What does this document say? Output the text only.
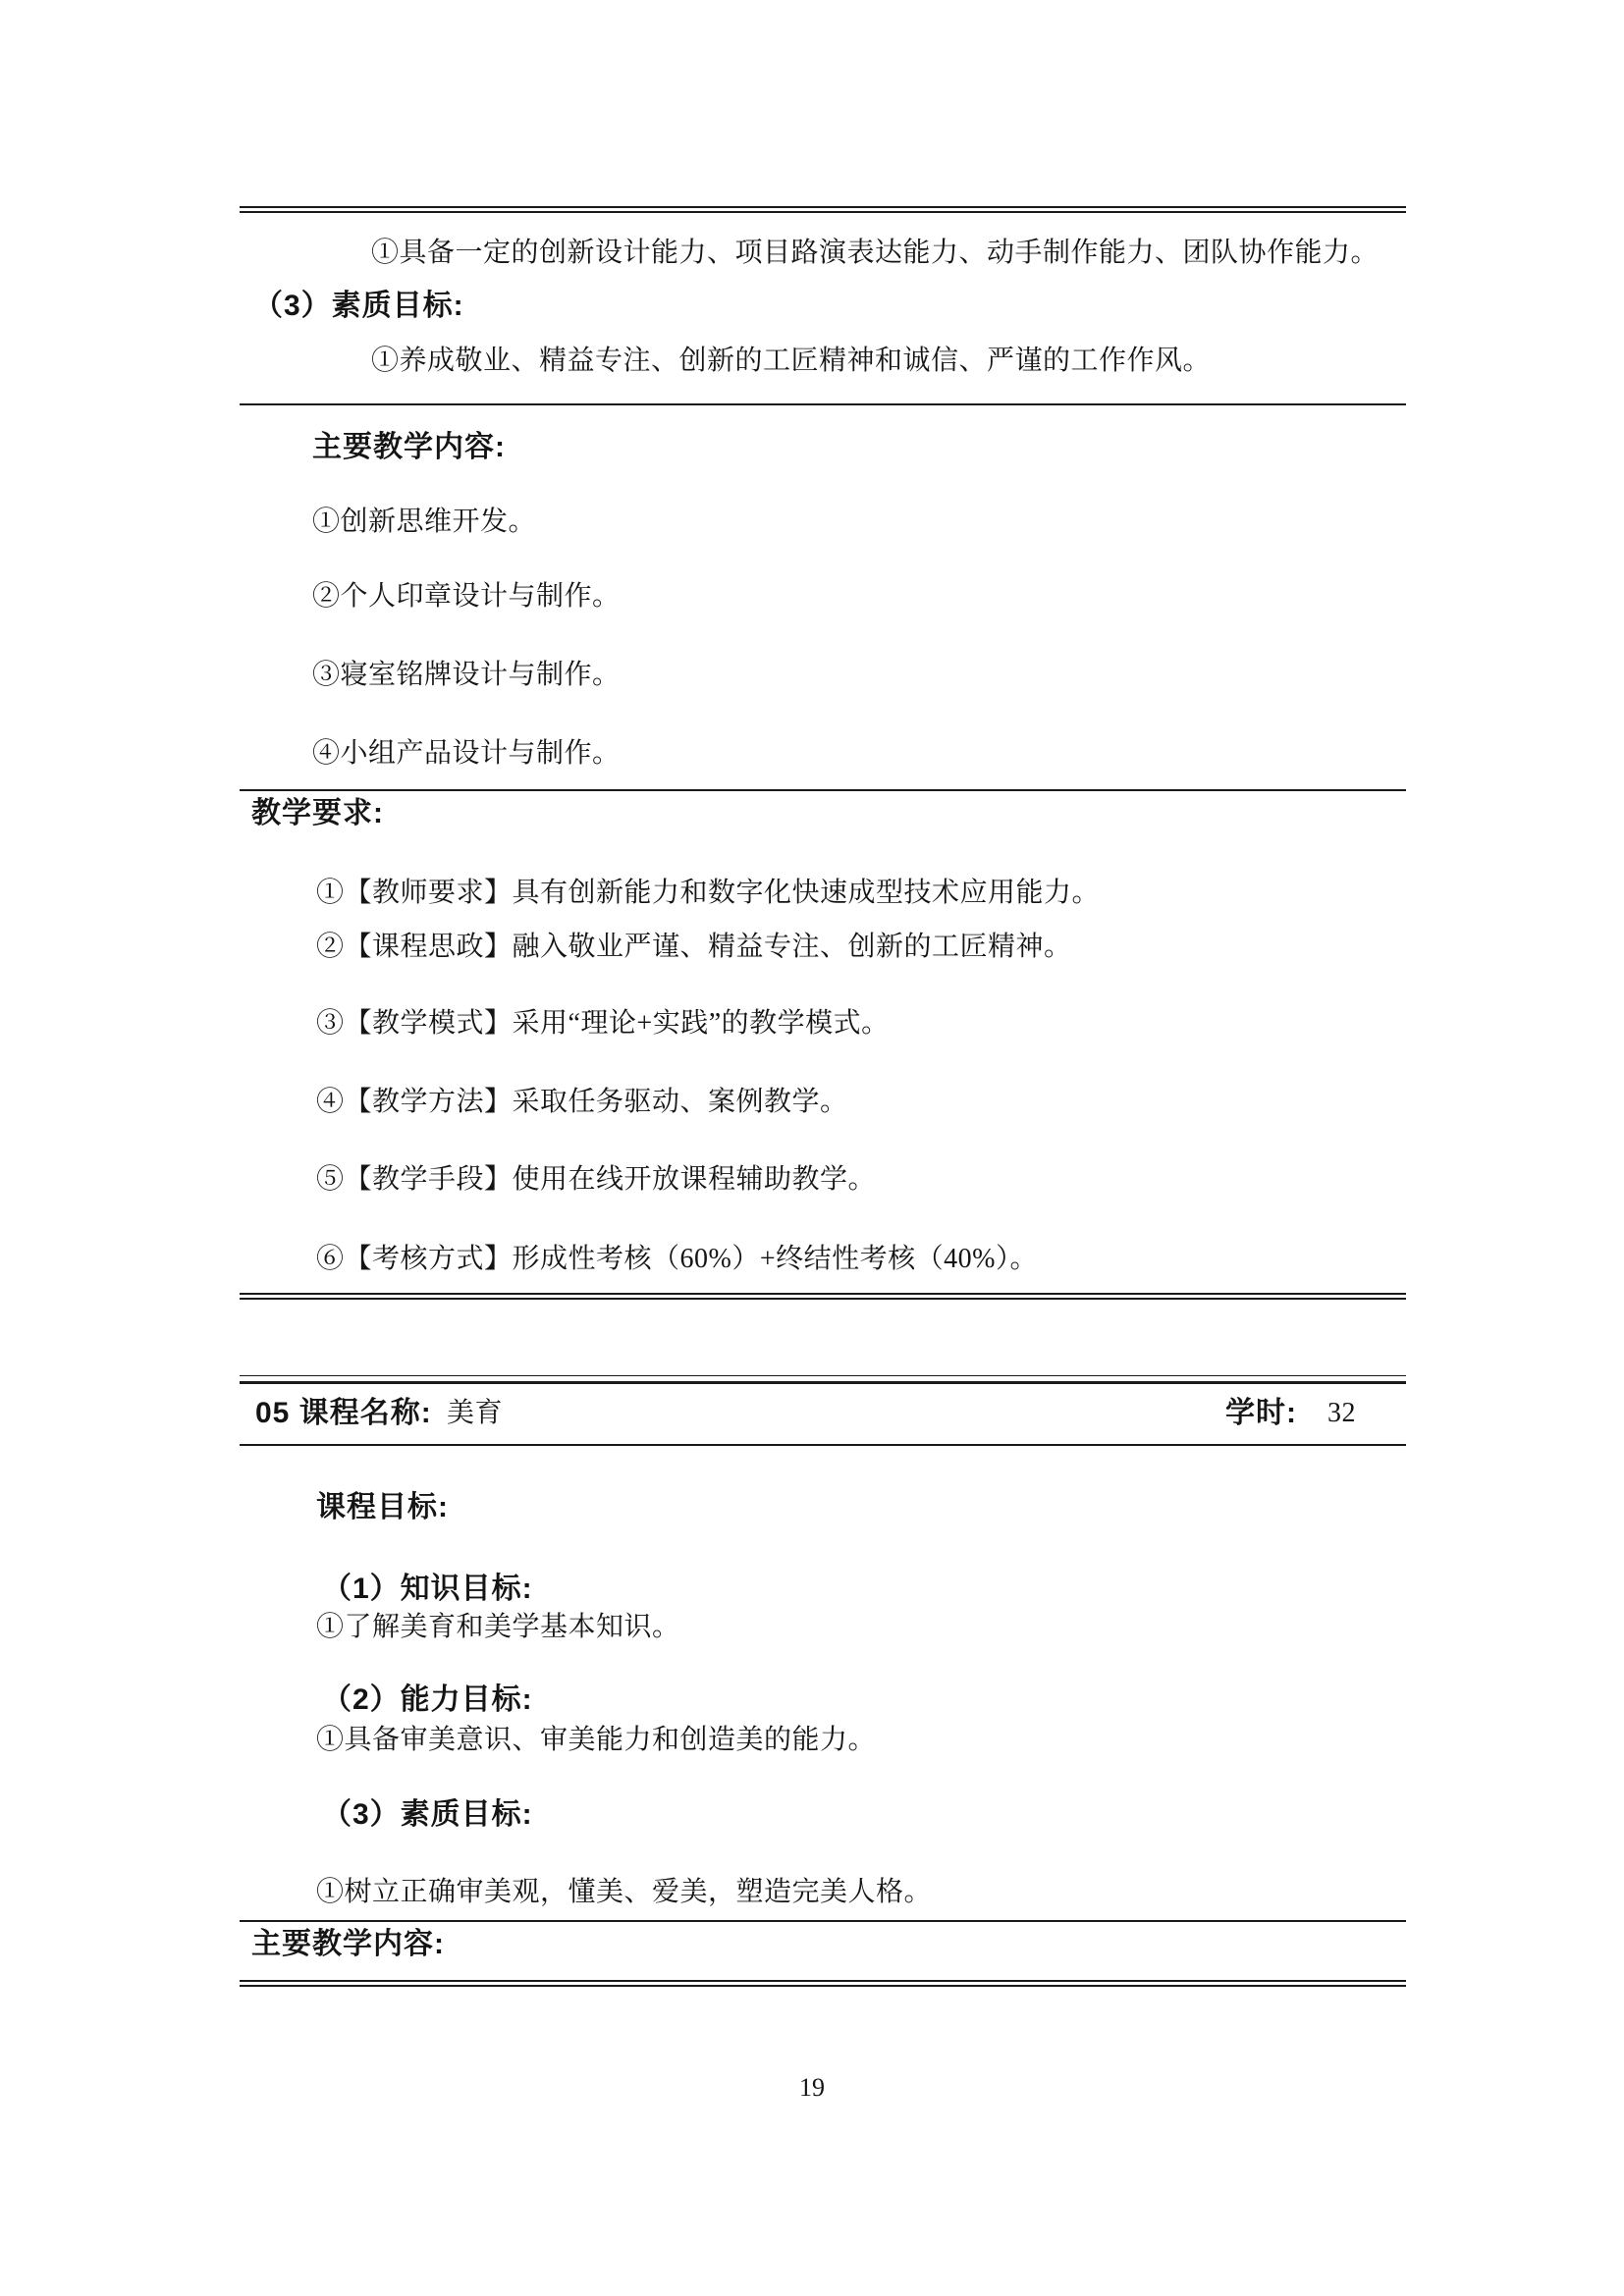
①具备一定的创新设计能力、项目路演表达能力、动手制作能力、团队协作能力。
（3）素质目标:
①养成敬业、精益专注、创新的工匠精神和诚信、严谨的工作作风。
主要教学内容:
①创新思维开发。
②个人印章设计与制作。
③寝室铭牌设计与制作。
④小组产品设计与制作。
教学要求:
①【教师要求】具有创新能力和数字化快速成型技术应用能力。
②【课程思政】融入敬业严谨、精益专注、创新的工匠精神。
③【教学模式】采用“理论+实践”的教学模式。
④【教学方法】采取任务驱动、案例教学。
⑤【教学手段】使用在线开放课程辅助教学。
⑥【考核方式】形成性考核（60%）+终结性考核（40%）。
05 课程名称: 美育	学时: 32
课程目标:
（1）知识目标:
①了解美育和美学基本知识。
（2）能力目标:
①具备审美意识、审美能力和创造美的能力。
（3）素质目标:
①树立正确审美观，懂美、爱美，塑造完美人格。
主要教学内容:
19
